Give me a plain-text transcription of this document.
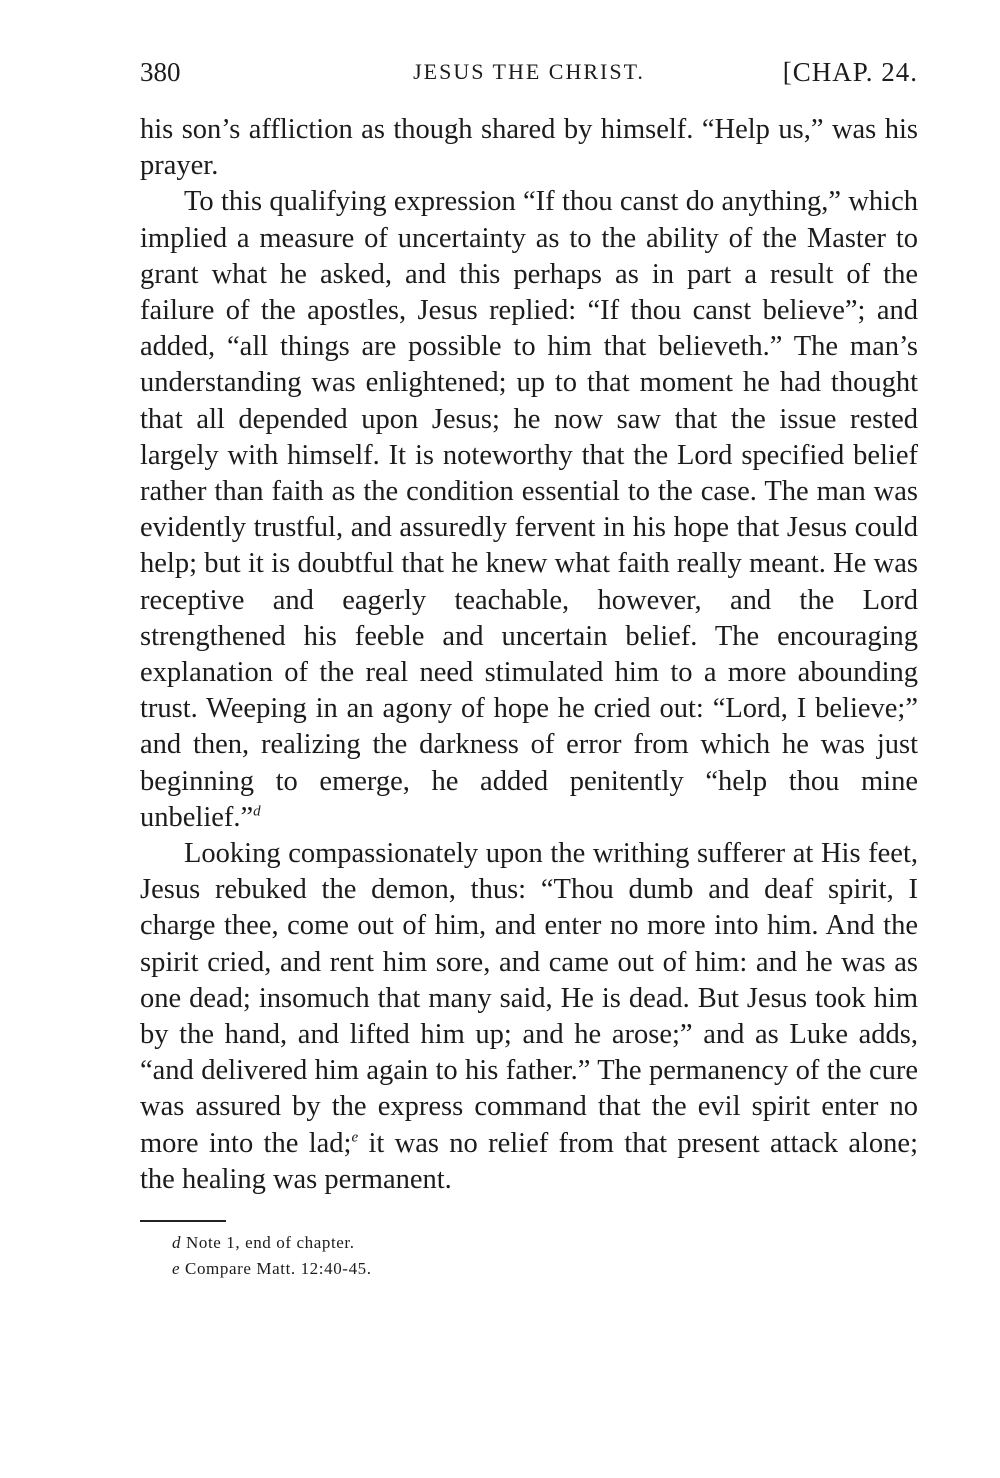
380	JESUS THE CHRIST.	[CHAP. 24.

his son’s affliction as though shared by himself. “Help us,” was his prayer.

To this qualifying expression “If thou canst do anything,” which implied a measure of uncertainty as to the ability of the Master to grant what he asked, and this perhaps as in part a result of the failure of the apostles, Jesus replied: “If thou canst believe”; and added, “all things are possible to him that believeth.” The man’s understanding was enlightened; up to that moment he had thought that all depended upon Jesus; he now saw that the issue rested largely with himself. It is noteworthy that the Lord specified belief rather than faith as the condition essential to the case. The man was evidently trustful, and assuredly fervent in his hope that Jesus could help; but it is doubtful that he knew what faith really meant. He was receptive and eagerly teachable, however, and the Lord strengthened his feeble and uncertain belief. The encouraging explanation of the real need stimulated him to a more abounding trust. Weeping in an agony of hope he cried out: “Lord, I believe;” and then, realizing the darkness of error from which he was just beginning to emerge, he added penitently “help thou mine unbelief.”$^d$

Looking compassionately upon the writhing sufferer at His feet, Jesus rebuked the demon, thus: “Thou dumb and deaf spirit, I charge thee, come out of him, and enter no more into him. And the spirit cried, and rent him sore, and came out of him: and he was as one dead; insomuch that many said, He is dead. But Jesus took him by the hand, and lifted him up; and he arose;” and as Luke adds, “and delivered him again to his father.” The permanency of the cure was assured by the express command that the evil spirit enter no more into the lad;$^e$ it was no relief from that present attack alone; the healing was permanent.

d Note 1, end of chapter.
e Compare Matt. 12:40-45.
